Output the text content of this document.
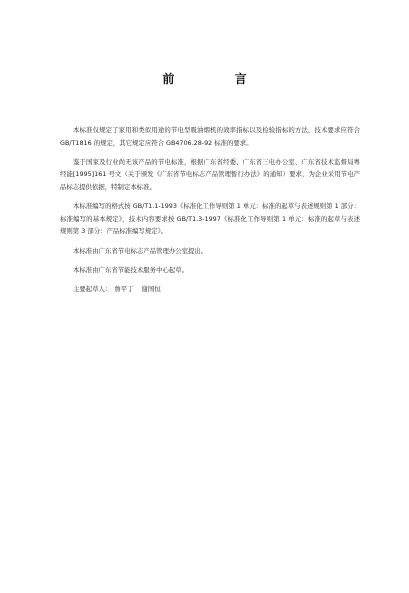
前 言

本标准仅规定了家用和类似用途的节电型吸油烟机的效率指标以及检验指标的方法，技术要求应符合 GB/T1816 的规定，其它规定应符合 GB4706.28-92 标准的要求。

鉴于国家及行业尚无该产品的节电标准，根据广东省经委、广东省三电办公室、广东省技术监督局粤经能[1995]161 号文（关于颁发《广东省节电标志产品管理暂行办法》的通知）要求，为企业采用节电产品标志提供依据，特制定本标准。

本标准编写的格式按 GB/T1.1-1993《标准化工作导则第 1 单元：标准的起草与表述规则第 1 部分：标准编写的基本规定》，技术内容要求按 GB/T1.3-1997《标准化工作导则第 1 单元：标准的起草与表述规则第 3 部分：产品标准编写规定》。

本标准由广东省节电标志产品管理办公室提出。

本标准由广东省节能技术服务中心起草。

主要起草人： 詹平丁 谢国恒
